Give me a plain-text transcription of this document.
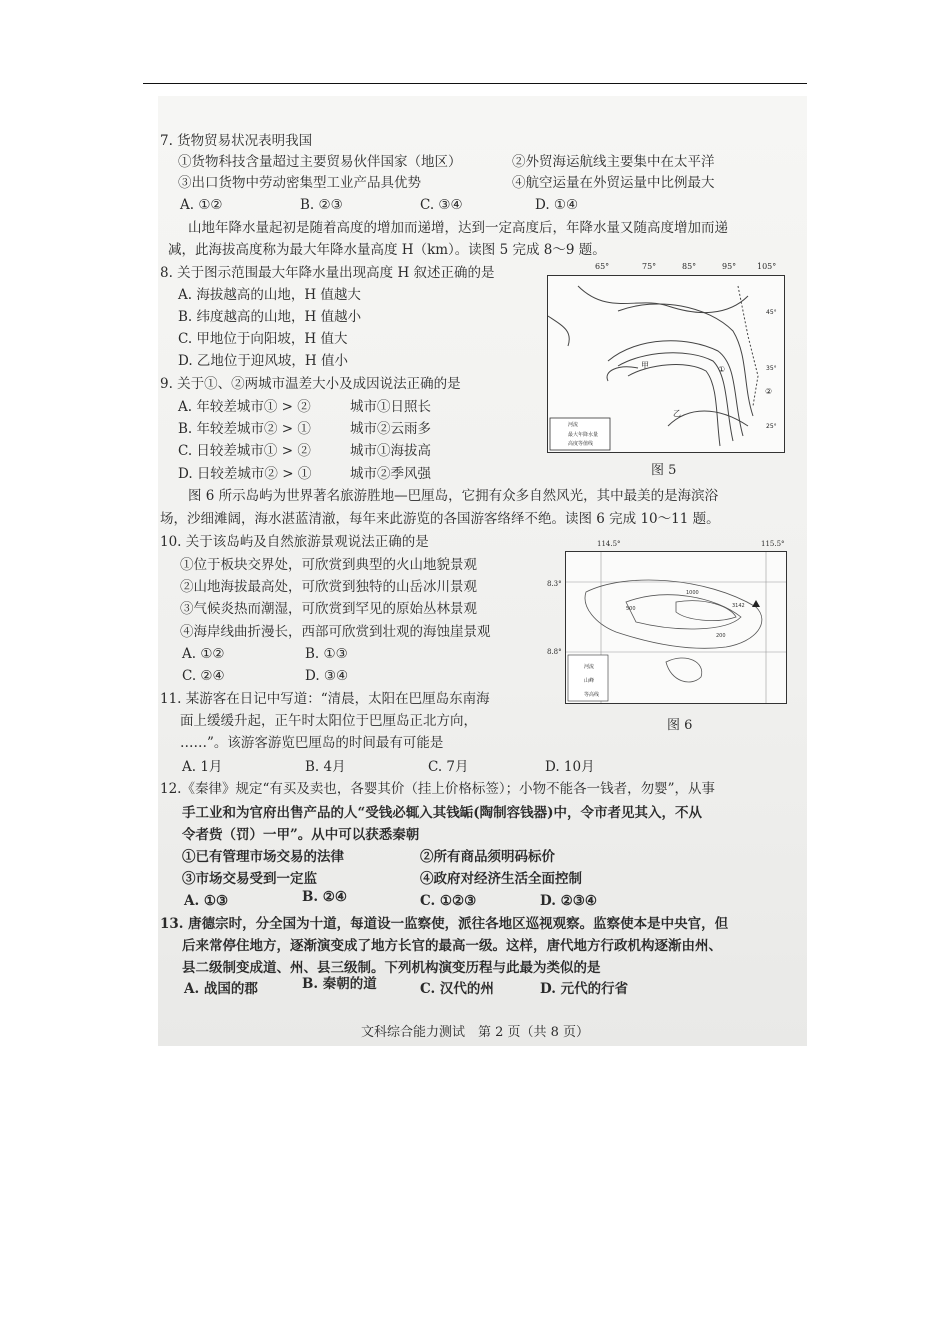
7. 货物贸易状况表明我国
①货物科技含量超过主要贸易伙伴国家（地区）	②外贸海运航线主要集中在太平洋
③出口货物中劳动密集型工业产品具优势	④航空运量在外贸运量中比例最大
A. ①②	B. ②③	C. ③④	D. ①④
山地年降水量起初是随着高度的增加而递增，达到一定高度后，年降水量又随高度增加而递
减，此海拔高度称为最大年降水量高度 H（km）。读图 5 完成 8～9 题。
8. 关于图示范围最大年降水量出现高度 H 叙述正确的是
A. 海拔越高的山地，H 值越大
B. 纬度越高的山地，H 值越小
C. 甲地位于向阳坡，H 值大
D. 乙地位于迎风坡，H 值小
9. 关于①、②两城市温差大小及成因说法正确的是
A. 年较差城市① > ②	城市①日照长
B. 年较差城市② > ①	城市②云雨多
C. 日较差城市① > ②	城市①海拔高
D. 日较差城市② > ①	城市②季风强
图 6 所示岛屿为世界著名旅游胜地—巴厘岛，它拥有众多自然风光，其中最美的是海滨浴
场，沙细滩阔，海水湛蓝清澈，每年来此游览的各国游客络绎不绝。读图 6 完成 10～11 题。
10. 关于该岛屿及自然旅游景观说法正确的是
①位于板块交界处，可欣赏到典型的火山地貌景观
②山地海拔最高处，可欣赏到独特的山岳冰川景观
③气候炎热而潮湿，可欣赏到罕见的原始丛林景观
④海岸线曲折漫长，西部可欣赏到壮观的海蚀崖景观
A. ①②	B. ①③
C. ②④	D. ③④
11. 某游客在日记中写道：“清晨，太阳在巴厘岛东南海
面上缓缓升起，正午时太阳位于巴厘岛正北方向，
……”。该游客游览巴厘岛的时间最有可能是
A. 1月	B. 4月	C. 7月	D. 10月
12.《秦律》规定“有买及卖也，各婴其价（挂上价格标签）；小物不能各一钱者，勿婴”，从事
手工业和为官府出售产品的人“受钱必辄入其钱缿(陶制容钱器)中，令市者见其入，不从
令者赀（罚）一甲”。从中可以获悉秦朝
①已有管理市场交易的法律	②所有商品须明码标价
③市场交易受到一定监	④政府对经济生活全面控制
A. ①③	B. ②④	C. ①②③	D. ②③④
13. 唐德宗时，分全国为十道，每道设一监察使，派往各地区巡视观察。监察使本是中央官，但
后来常停住地方，逐渐演变成了地方长官的最高一级。这样，唐代地方行政机构逐渐由州、
县二级制变成道、州、县三级制。下列机构演变历程与此最为类似的是
A. 战国的郡	B. 秦朝的道	C. 汉代的州	D. 元代的行省
甲
乙
①
②
45°
35°
25°
河流
最大年降水量
高度等值线
65°	75°	85°	95°	105°
图 5
3142
1000
500
200
河流
山峰
等高线
114.5°	115.5°
8.3°
8.8°
图 6
文科综合能力测试　第 2 页（共 8 页）
